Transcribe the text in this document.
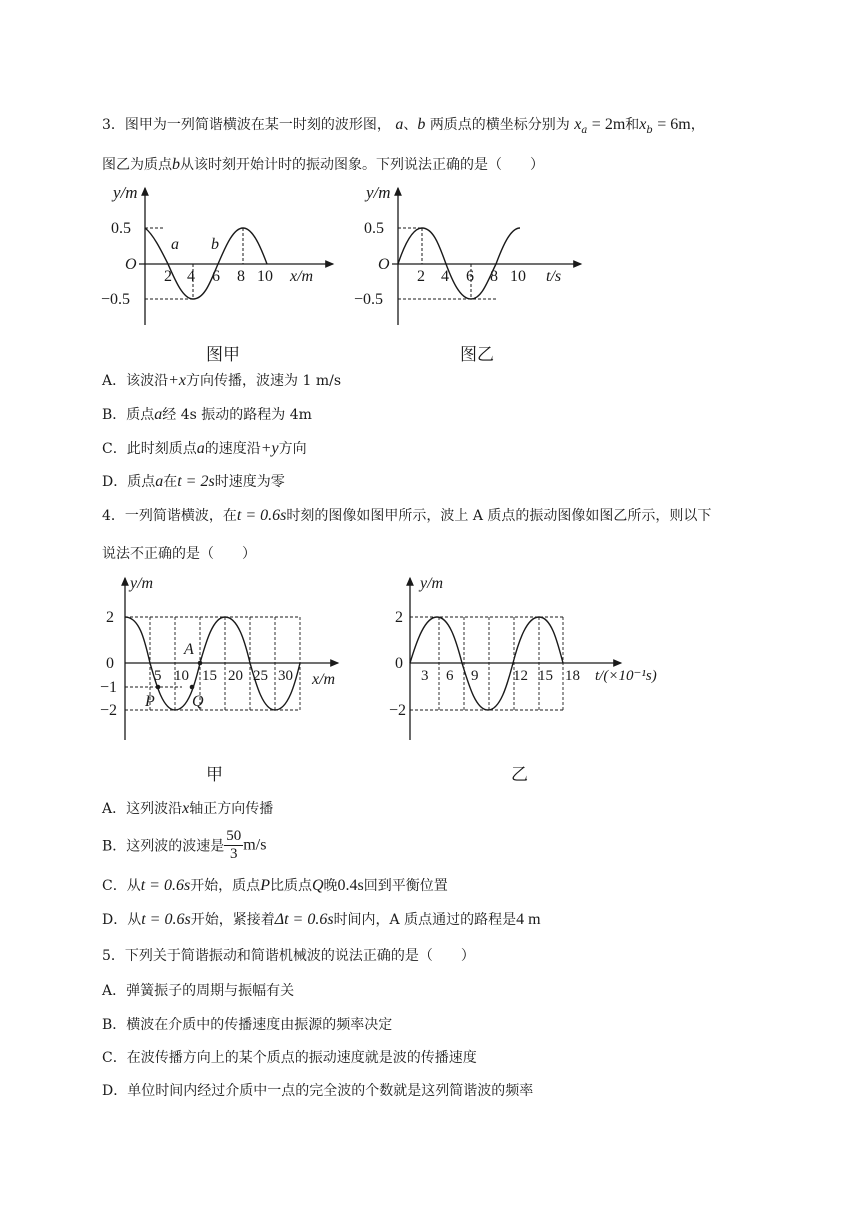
3．图甲为一列简谐横波在某一时刻的波形图， a、b 两质点的横坐标分别为 $x_a = 2m$和$x_b = 6m$，
图乙为质点b从该时刻开始计时的振动图象。下列说法正确的是（　　）
y/m
0.5
−0.5
O
2 4 6 8 10 x/m
a b
图甲
y/m
0.5
−0.5
O
2 4 6 8 10 t/s
图乙
A．该波沿+x方向传播，波速为 1 m/s
B．质点a经 4s 振动的路程为 4m
C．此时刻质点a的速度沿+y方向
D．质点a在t = 2s时速度为零
4．一列简谐横波，在t = 0.6s时刻的图像如图甲所示，波上 A 质点的振动图像如图乙所示，则以下
说法不正确的是（　　）
y/m
2
0
−1
−2
5 10 15 20 25 30 x/m
A
P Q
甲
y/m
2
0
−2
3 6 9 12 15 18 t/(×10⁻¹s)
乙
A．这列波沿x轴正方向传播
B．这列波的波速是 $\frac{50}{3} m/s$
C．从t = 0.6s开始，质点P比质点Q晚0.4s回到平衡位置
D．从t = 0.6s开始，紧接着Δt = 0.6s时间内，A 质点通过的路程是4 m
5．下列关于简谐振动和简谐机械波的说法正确的是（　　）
A．弹簧振子的周期与振幅有关
B．横波在介质中的传播速度由振源的频率决定
C．在波传播方向上的某个质点的振动速度就是波的传播速度
D．单位时间内经过介质中一点的完全波的个数就是这列简谐波的频率
